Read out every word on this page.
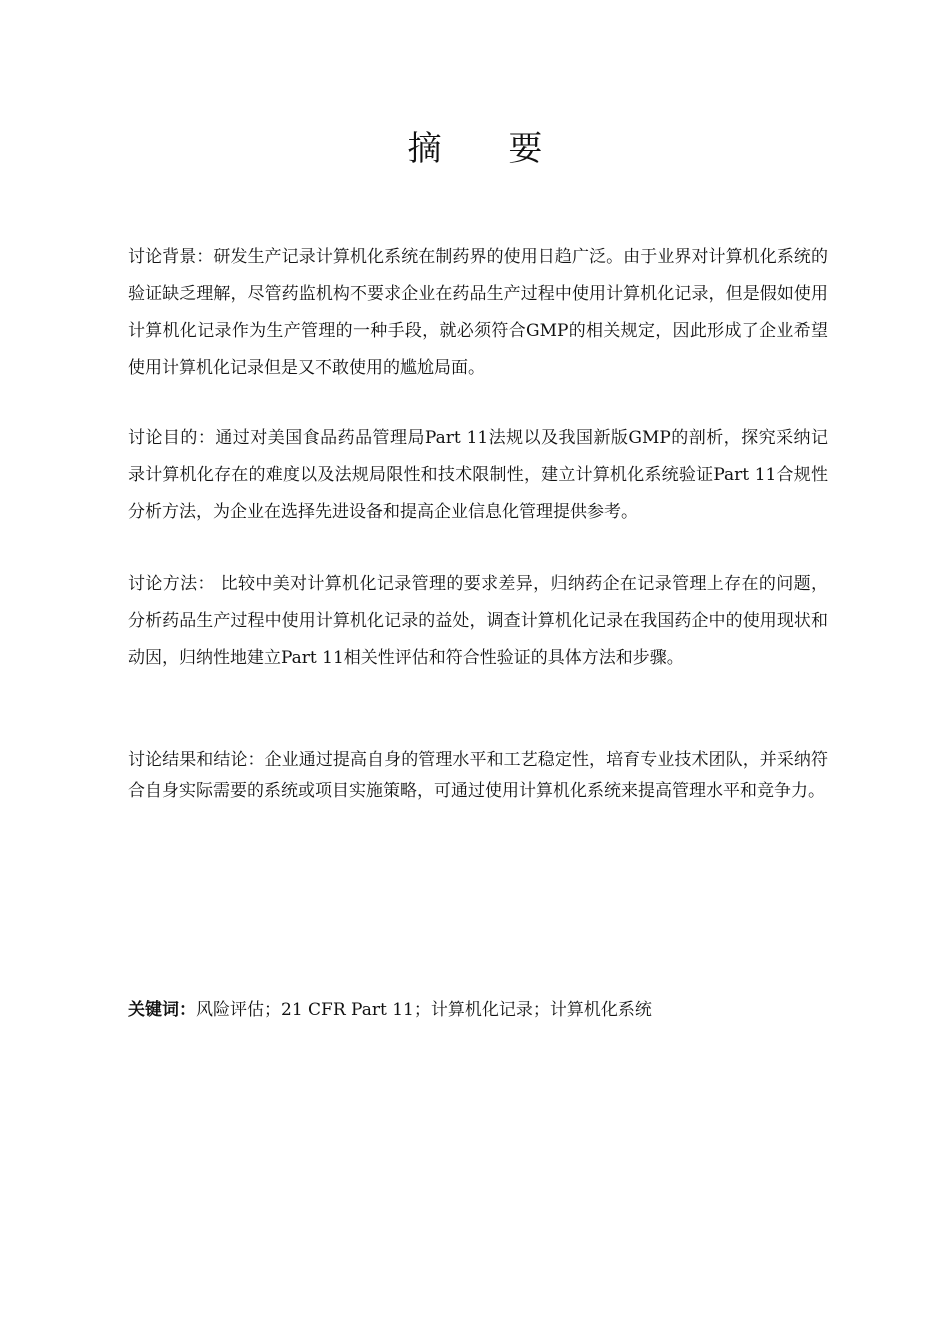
摘 要

讨论背景：研发生产记录计算机化系统在制药界的使用日趋广泛。由于业界对计算机化系统的验证缺乏理解，尽管药监机构不要求企业在药品生产过程中使用计算机化记录，但是假如使用计算机化记录作为生产管理的一种手段，就必须符合GMP的相关规定，因此形成了企业希望使用计算机化记录但是又不敢使用的尴尬局面。

讨论目的：通过对美国食品药品管理局Part 11法规以及我国新版GMP的剖析，探究采纳记录计算机化存在的难度以及法规局限性和技术限制性，建立计算机化系统验证Part 11合规性分析方法，为企业在选择先进设备和提高企业信息化管理提供参考。

讨论方法： 比较中美对计算机化记录管理的要求差异，归纳药企在记录管理上存在的问题，分析药品生产过程中使用计算机化记录的益处，调查计算机化记录在我国药企中的使用现状和动因，归纳性地建立Part 11相关性评估和符合性验证的具体方法和步骤。

讨论结果和结论：企业通过提高自身的管理水平和工艺稳定性，培育专业技术团队，并采纳符合自身实际需要的系统或项目实施策略，可通过使用计算机化系统来提高管理水平和竞争力。

关键词：风险评估；21 CFR Part 11；计算机化记录；计算机化系统
